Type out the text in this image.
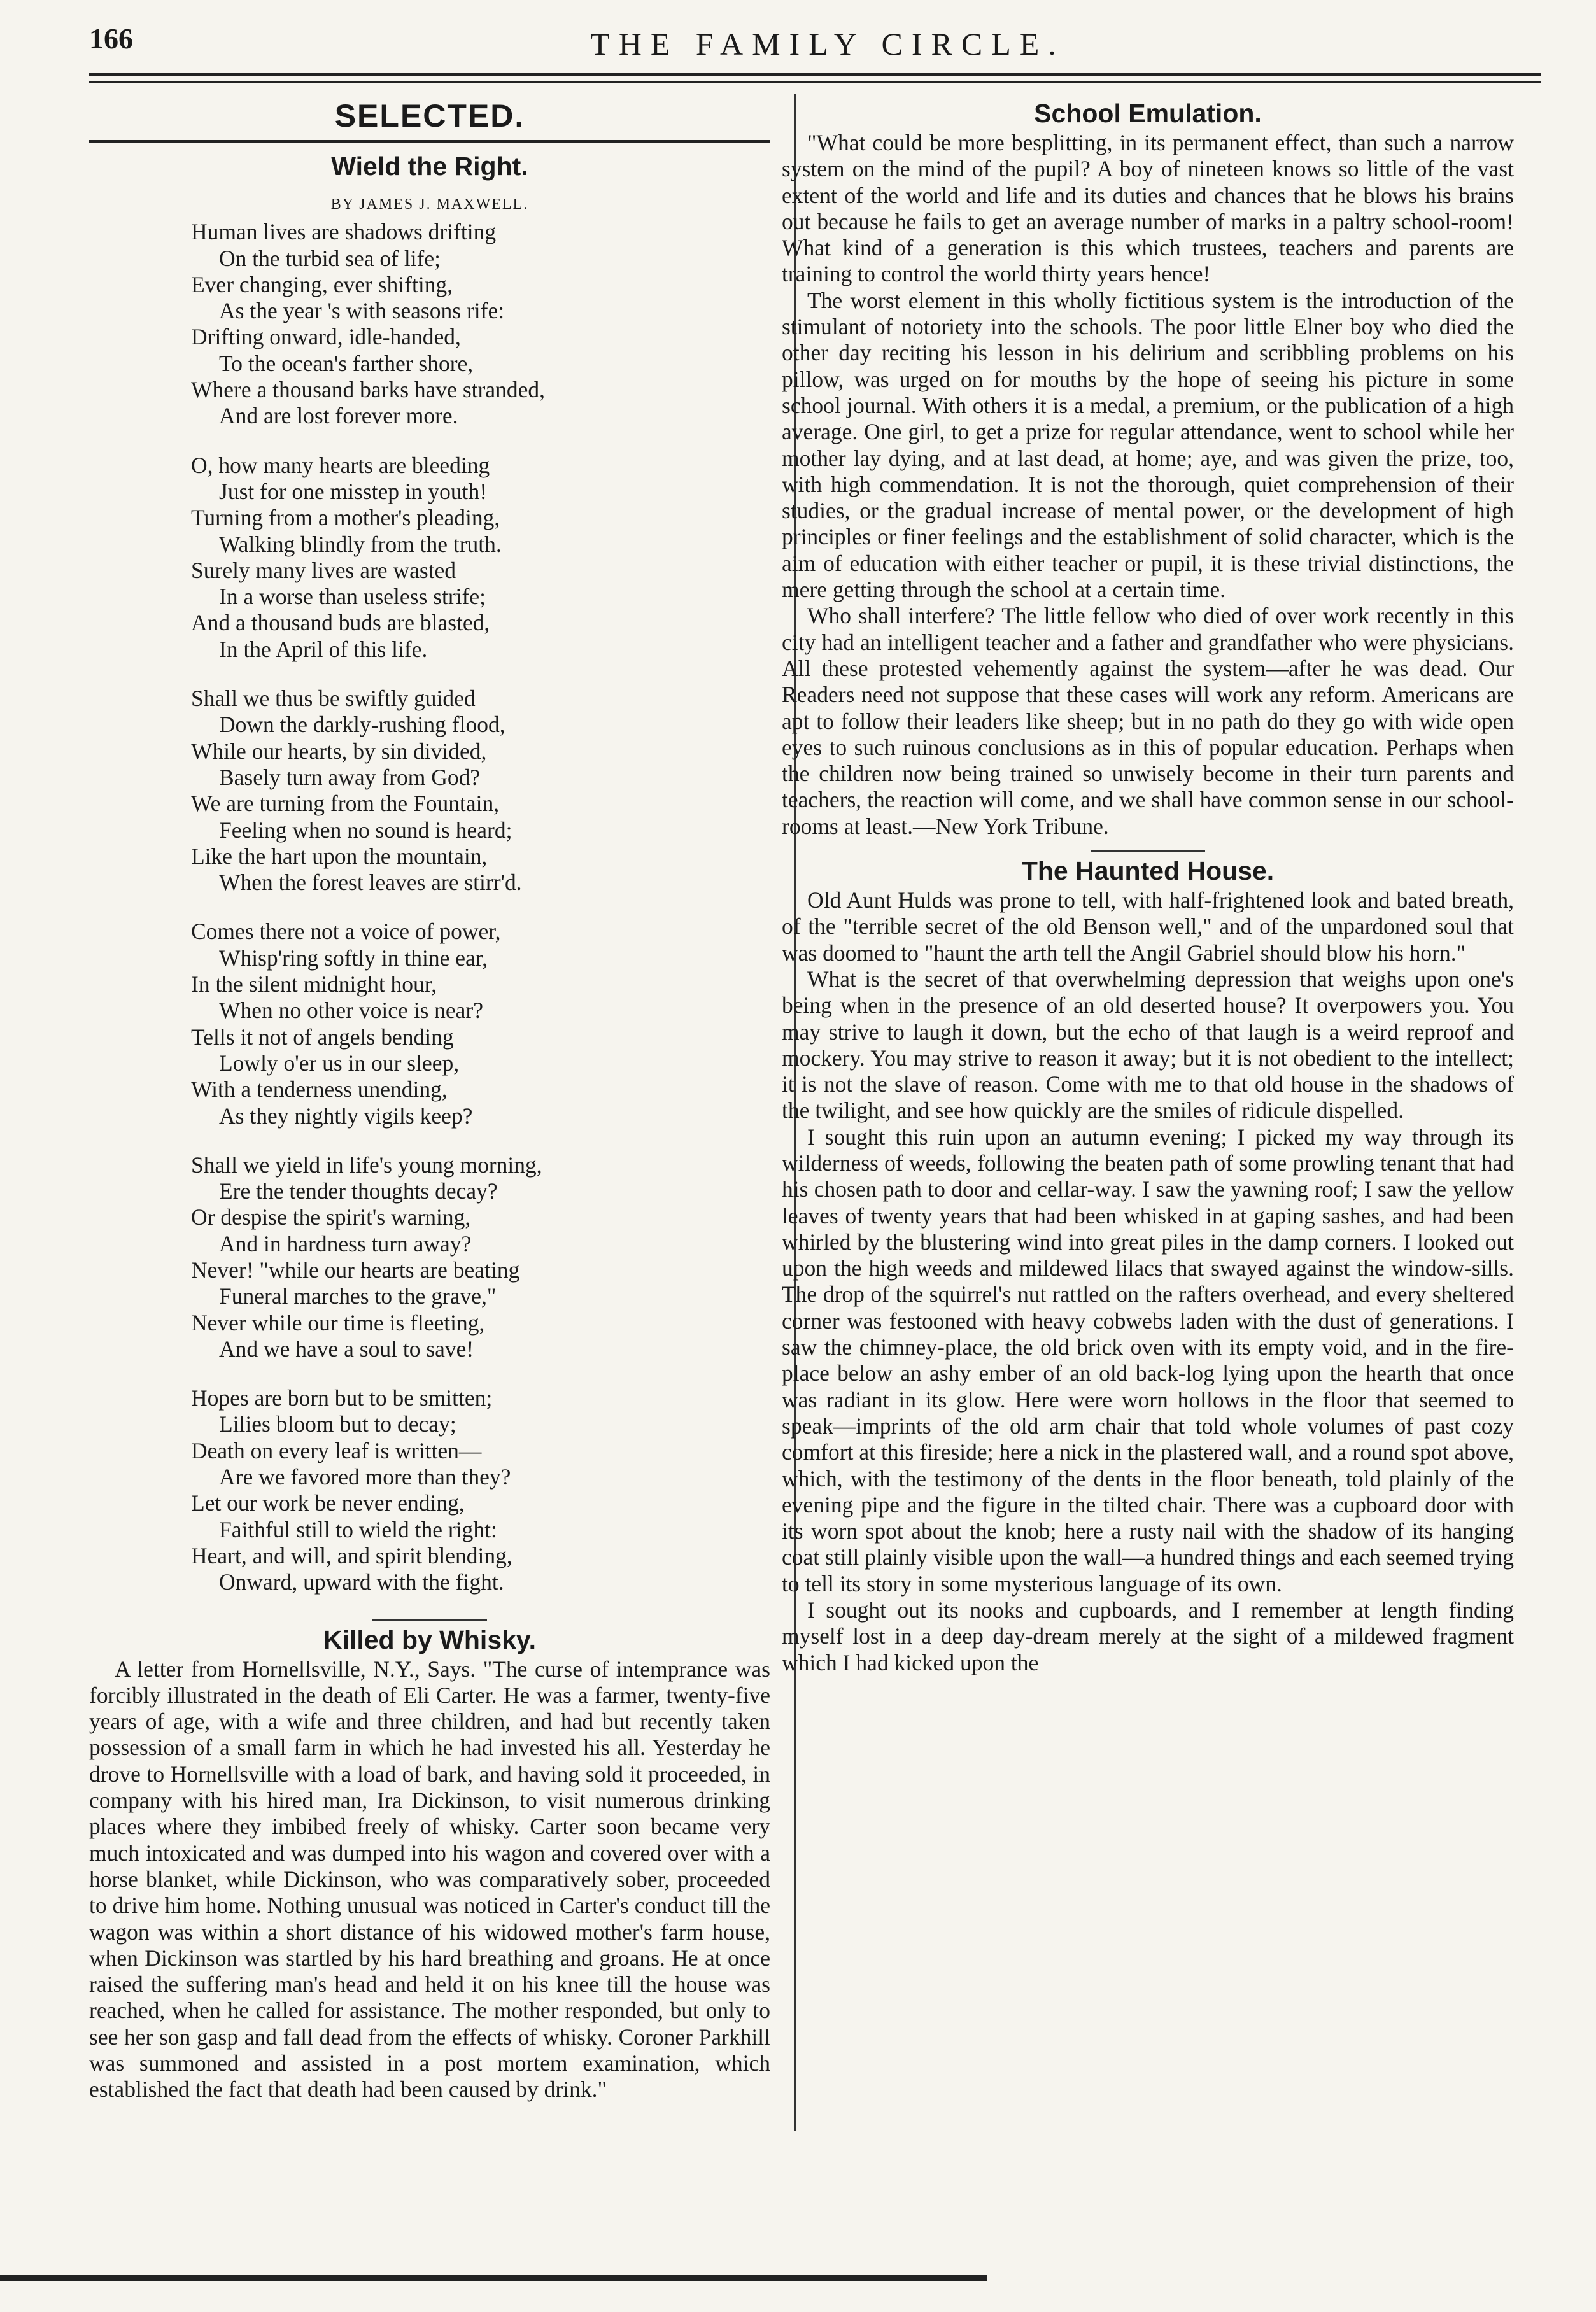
166	THE FAMILY CIRCLE.
SELECTED.
Wield the Right.
BY JAMES J. MAXWELL.
Human lives are shadows drifting
On the turbid sea of life;
Ever changing, ever shifting,
As the year 's with seasons rife:
Drifting onward, idle-handed,
To the ocean's farther shore,
Where a thousand barks have stranded,
And are lost forever more.
O, how many hearts are bleeding
Just for one misstep in youth!
Turning from a mother's pleading,
Walking blindly from the truth.
Surely many lives are wasted
In a worse than useless strife;
And a thousand buds are blasted,
In the April of this life.
Shall we thus be swiftly guided
Down the darkly-rushing flood,
While our hearts, by sin divided,
Basely turn away from God?
We are turning from the Fountain,
Feeling when no sound is heard;
Like the hart upon the mountain,
When the forest leaves are stirr'd.
Comes there not a voice of power,
Whisp'ring softly in thine ear,
In the silent midnight hour,
When no other voice is near?
Tells it not of angels bending
Lowly o'er us in our sleep,
With a tenderness unending,
As they nightly vigils keep?
Shall we yield in life's young morning,
Ere the tender thoughts decay?
Or despise the spirit's warning,
And in hardness turn away?
Never! "while our hearts are beating
Funeral marches to the grave,"
Never while our time is fleeting,
And we have a soul to save!
Hopes are born but to be smitten;
Lilies bloom but to decay;
Death on every leaf is written—
Are we favored more than they?
Let our work be never ending,
Faithful still to wield the right:
Heart, and will, and spirit blending,
Onward, upward with the fight.
Killed by Whisky.

A letter from Hornellsville, N.Y., Says. "The curse of intemprance was forcibly illustrated in the death of Eli Carter. He was a farmer, twenty-five years of age, with a wife and three children, and had but recently taken possession of a small farm in which he had invested his all. Yesterday he drove to Hornellsville with a load of bark, and having sold it proceeded, in company with his hired man, Ira Dickinson, to visit numerous drinking places where they imbibed freely of whisky. Carter soon became very much intoxicated and was dumped into his wagon and covered over with a horse blanket, while Dickinson, who was comparatively sober, proceeded to drive him home. Nothing unusual was noticed in Carter's conduct till the wagon was within a short distance of his widowed mother's farm house, when Dickinson was startled by his hard breathing and groans. He at once raised the suffering man's head and held it on his knee till the house was reached, when he called for assistance. The mother responded, but only to see her son gasp and fall dead from the effects of whisky. Coroner Parkhill was summoned and assisted in a post mortem examination, which established the fact that death had been caused by drink."

School Emulation.

"What could be more besplitting, in its permanent effect, than such a narrow system on the mind of the pupil? A boy of nineteen knows so little of the vast extent of the world and life and its duties and chances that he blows his brains out because he fails to get an average number of marks in a paltry school-room! What kind of a generation is this which trustees, teachers and parents are training to control the world thirty years hence!

The worst element in this wholly fictitious system is the introduction of the stimulant of notoriety into the schools. The poor little Elner boy who died the other day reciting his lesson in his delirium and scribbling problems on his pillow, was urged on for mouths by the hope of seeing his picture in some school journal. With others it is a medal, a premium, or the publication of a high average. One girl, to get a prize for regular attendance, went to school while her mother lay dying, and at last dead, at home; aye, and was given the prize, too, with high commendation. It is not the thorough, quiet comprehension of their studies, or the gradual increase of mental power, or the development of high principles or finer feelings and the establishment of solid character, which is the aim of education with either teacher or pupil, it is these trivial distinctions, the mere getting through the school at a certain time.

Who shall interfere? The little fellow who died of over work recently in this city had an intelligent teacher and a father and grandfather who were physicians. All these protested vehemently against the system—after he was dead. Our Readers need not suppose that these cases will work any reform. Americans are apt to follow their leaders like sheep; but in no path do they go with wide open eyes to such ruinous conclusions as in this of popular education. Perhaps when the children now being trained so unwisely become in their turn parents and teachers, the reaction will come, and we shall have common sense in our school-rooms at least.—New York Tribune.

The Haunted House.

Old Aunt Hulds was prone to tell, with half-frightened look and bated breath, of the "terrible secret of the old Benson well," and of the unpardoned soul that was doomed to "haunt the arth tell the Angil Gabriel should blow his horn."

What is the secret of that overwhelming depression that weighs upon one's being when in the presence of an old deserted house? It overpowers you. You may strive to laugh it down, but the echo of that laugh is a weird reproof and mockery. You may strive to reason it away; but it is not obedient to the intellect; it is not the slave of reason. Come with me to that old house in the shadows of the twilight, and see how quickly are the smiles of ridicule dispelled.

I sought this ruin upon an autumn evening; I picked my way through its wilderness of weeds, following the beaten path of some prowling tenant that had his chosen path to door and cellar-way. I saw the yawning roof; I saw the yellow leaves of twenty years that had been whisked in at gaping sashes, and had been whirled by the blustering wind into great piles in the damp corners. I looked out upon the high weeds and mildewed lilacs that swayed against the window-sills. The drop of the squirrel's nut rattled on the rafters overhead, and every sheltered corner was festooned with heavy cobwebs laden with the dust of generations. I saw the chimney-place, the old brick oven with its empty void, and in the fire-place below an ashy ember of an old back-log lying upon the hearth that once was radiant in its glow. Here were worn hollows in the floor that seemed to speak—imprints of the old arm chair that told whole volumes of past cozy comfort at this fireside; here a nick in the plastered wall, and a round spot above, which, with the testimony of the dents in the floor beneath, told plainly of the evening pipe and the figure in the tilted chair. There was a cupboard door with its worn spot about the knob; here a rusty nail with the shadow of its hanging coat still plainly visible upon the wall—a hundred things and each seemed trying to tell its story in some mysterious language of its own.

I sought out its nooks and cupboards, and I remember at length finding myself lost in a deep day-dream merely at the sight of a mildewed fragment which I had kicked upon the
